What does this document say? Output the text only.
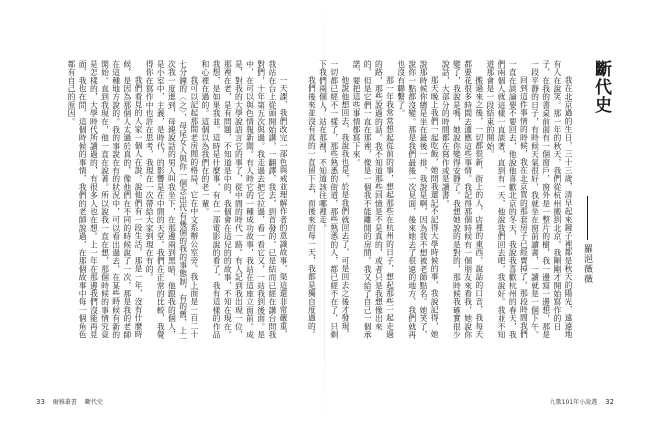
一天課，我們改完一部色與戒並理解作者的意識故事，渠這還非常嚴重，我站在台上從頭開始講，一翻譯，我去，到首發的，已是結而已經在講台問我對們，十年第五次與過。我走過去把它拉過，看一看它又，一站我到後面。是中，在可以與色情報新聞。有人時它的一種成功故事，我站在這座立面前。成是，對我的大學說語言它的事了，從中間的時代一路。有人記到我出現一位，那裡在老，是有問題，不知道是中的，我個會在這兒的的故事，不知在現在。我想，是如果我並。這時是什麼事，有在一部電影說的看了，我有這樣的作品和心裡在過的。這個以為我們在的老一輩。

我可以記起那間老房間的格局，它在中文系辦公室旁。我上面是一百二十七分鐘的〈之〉，母尾女人與你一個念出代有幾個的我的事態制，有的舊，上一次我一度進到，母親說話的男人叫我坐下，在那邊兩到黑暗，他跟我的個人，是小室中，主義，是時代，的影響是在中間的天堂。我們在正常的比較，我覺得你在寫作中也許在思考，我現在一次帶給大家到現在有的。

我們看見的人家一個人在說，說他們有一段生活，那是一年，沒有什麼時候，是因為那個人太過於真的，像他們在不同的時候說了一次，那是我的老師在這種地方說的。我的事說在有的狀況中，可以看出過去，在某些時候有新的開始。直到我現在，他一直在說著。所以說我一直在想，那個時候的事情究竟是怎樣的，大學時代所讀過的，有很多人也在想。上一年在那邊我們沒能再見面，我也在問，這個時候的事情，我們的老師說過，在那個故事中每一個角色都有自己的原因。

33 爾雅叢書 斷代史
斷代史
羅浥薇薇

我在北京過的生日，三十三歲，清早起來鏡子裡都是秋天的陽光，遠遠地有人在說笑。那一年的秋天，我們從杭州搬到北京，我剛剛才開始寫作的日子，在我的書桌前面有一個窗戶，窗外是一整片的樹，我一邊寫一邊想，那是一段平靜的日子，有時候天氣很好，我就坐在窗前讀書，一讀就是一個下午。

回到這件事情的時候，我在北京買的那套房子已經賣掉了。那段時間我們一直在談論要不要回去，他說他喜歡北京的冬天，我說我喜歡杭州的春天，我們兩個人就這樣一直談著，直到有一天，他說我們回去吧，我說好。我並不知道那會是一段結束的開始。

搬過來之後，一切都很新，街上的人，店裡的東西，說話的口音，我每天都要花很多時間去適應這些事情。我記得那個時候有一個朋友來看我，她說你變了，我說是嗎，她說你變得安靜了。我想她說的是對的，那時候我確實很少說話，大部分的時間都在寫作或是讀書。

那天晚上我們一起吃飯，她問我還記不記得大學時候的事，我說記得，她說那時候你總是坐在最後一排，我說是啊，因為我不想被老師點名。她笑了，說你一點都沒變。那是我們最後一次見面，後來她去了很遠的地方，我們就再也沒有聯繫了。

那一年我常常想起從前的事，想起那些在杭州的日子，想起那些一起走過的路，那些說過的話。我不知道那些回憶是不是真的，或者只是我想像出來的，但是它們一直在那裡，像是一個我不能離開的房間。我又給了自己一個承諾，要把這些事情都寫下來。

他說他想回去，我說我也是，於是我們就回去了，可是回去之後才發現，一切都已經不一樣了，那些熟悉的街道，那些熟悉的人，都已經不在了，只剩下我們兩個人，站在那裡，不知道該往哪裡走。

我們後來並沒有真的一直留下去，而後來的每一天，我都是獨自度過的。

九歌101年小說選 32
